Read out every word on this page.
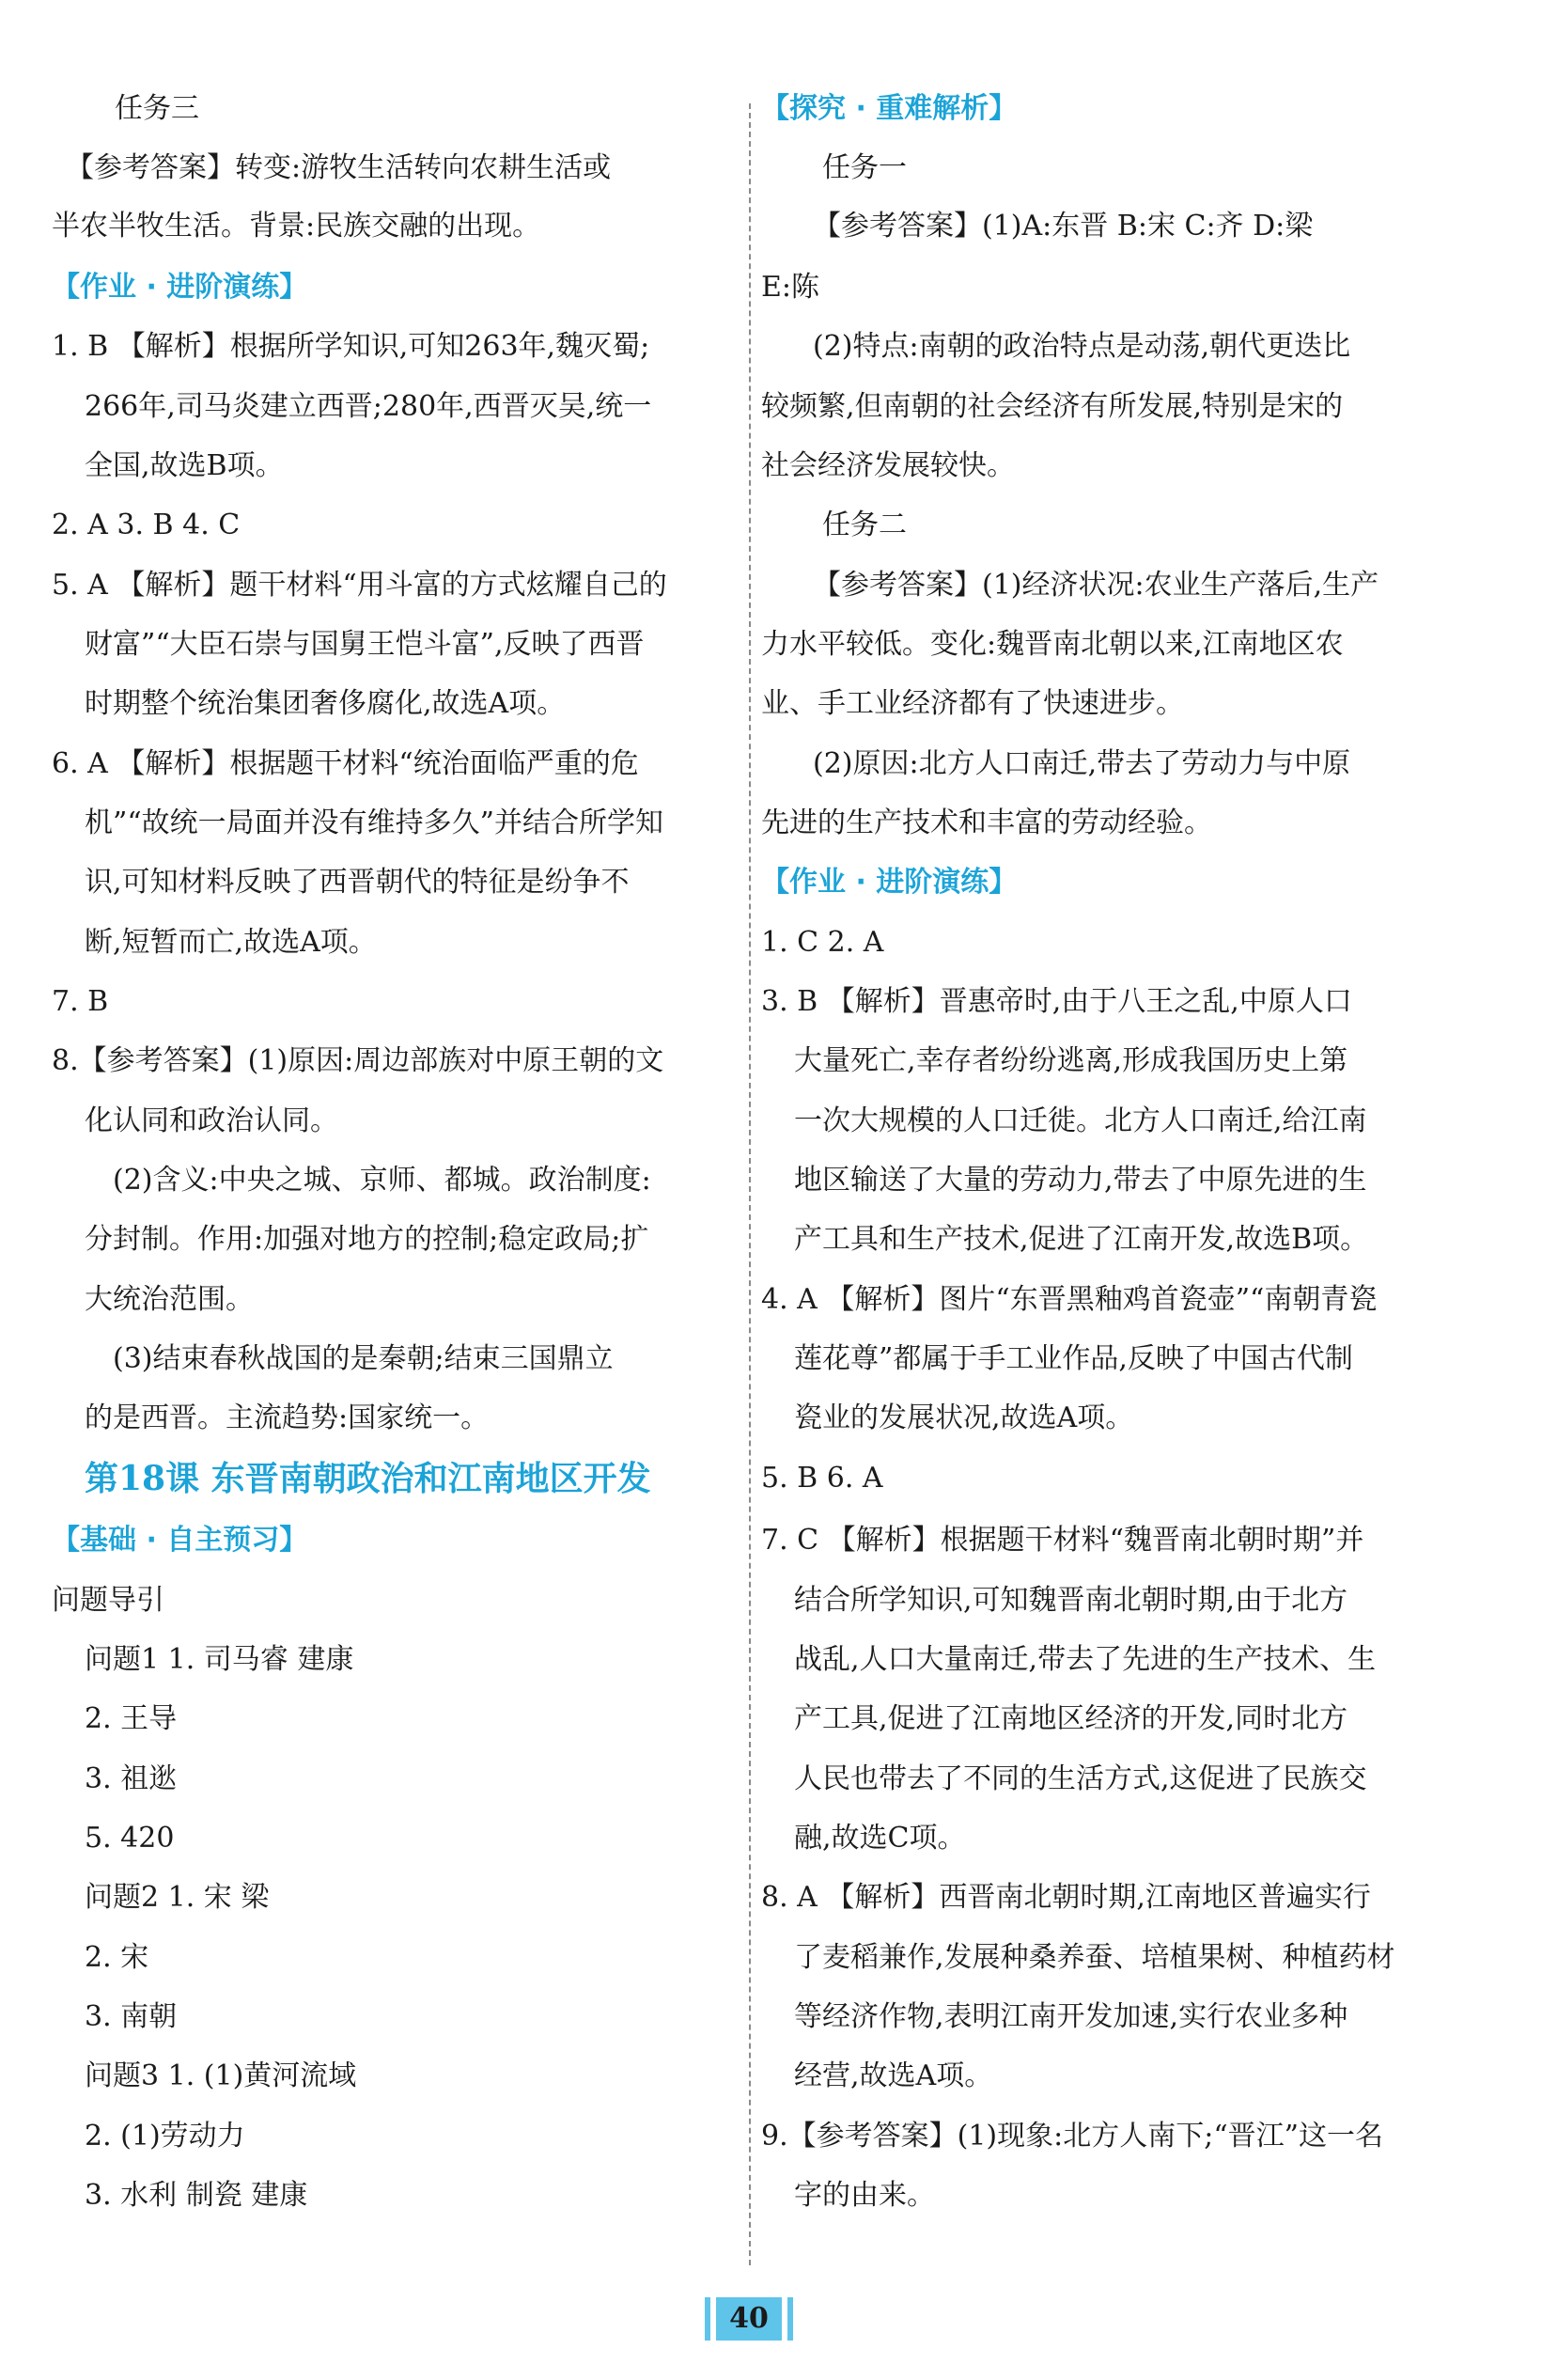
任务三
【参考答案】转变:游牧生活转向农耕生活或
半农半牧生活。背景:民族交融的出现。
【作业 · 进阶演练】
1. B 【解析】根据所学知识,可知263年,魏灭蜀;
266年,司马炎建立西晋;280年,西晋灭吴,统一
全国,故选B项。
2. A 3. B 4. C
5. A 【解析】题干材料“用斗富的方式炫耀自己的
财富”“大臣石崇与国舅王恺斗富”,反映了西晋
时期整个统治集团奢侈腐化,故选A项。
6. A 【解析】根据题干材料“统治面临严重的危
机”“故统一局面并没有维持多久”并结合所学知
识,可知材料反映了西晋朝代的特征是纷争不
断,短暂而亡,故选A项。
7. B
8.【参考答案】(1)原因:周边部族对中原王朝的文
化认同和政治认同。
(2)含义:中央之城、京师、都城。政治制度:
分封制。作用:加强对地方的控制;稳定政局;扩
大统治范围。
(3)结束春秋战国的是秦朝;结束三国鼎立
的是西晋。主流趋势:国家统一。
第18课 东晋南朝政治和江南地区开发
【基础 · 自主预习】
问题导引
问题1 1. 司马睿 建康
2. 王导
3. 祖逖
5. 420
问题2 1. 宋 梁
2. 宋
3. 南朝
问题3 1. (1)黄河流域
2. (1)劳动力
3. 水利 制瓷 建康
【探究 · 重难解析】
任务一
【参考答案】(1)A:东晋 B:宋 C:齐 D:梁
E:陈
(2)特点:南朝的政治特点是动荡,朝代更迭比
较频繁,但南朝的社会经济有所发展,特别是宋的
社会经济发展较快。
任务二
【参考答案】(1)经济状况:农业生产落后,生产
力水平较低。变化:魏晋南北朝以来,江南地区农
业、手工业经济都有了快速进步。
(2)原因:北方人口南迁,带去了劳动力与中原
先进的生产技术和丰富的劳动经验。
【作业 · 进阶演练】
1. C 2. A
3. B 【解析】晋惠帝时,由于八王之乱,中原人口
大量死亡,幸存者纷纷逃离,形成我国历史上第
一次大规模的人口迁徙。北方人口南迁,给江南
地区输送了大量的劳动力,带去了中原先进的生
产工具和生产技术,促进了江南开发,故选B项。
4. A 【解析】图片“东晋黑釉鸡首瓷壶”“南朝青瓷
莲花尊”都属于手工业作品,反映了中国古代制
瓷业的发展状况,故选A项。
5. B 6. A
7. C 【解析】根据题干材料“魏晋南北朝时期”并
结合所学知识,可知魏晋南北朝时期,由于北方
战乱,人口大量南迁,带去了先进的生产技术、生
产工具,促进了江南地区经济的开发,同时北方
人民也带去了不同的生活方式,这促进了民族交
融,故选C项。
8. A 【解析】西晋南北朝时期,江南地区普遍实行
了麦稻兼作,发展种桑养蚕、培植果树、种植药材
等经济作物,表明江南开发加速,实行农业多种
经营,故选A项。
9.【参考答案】(1)现象:北方人南下;“晋江”这一名
字的由来。
40
